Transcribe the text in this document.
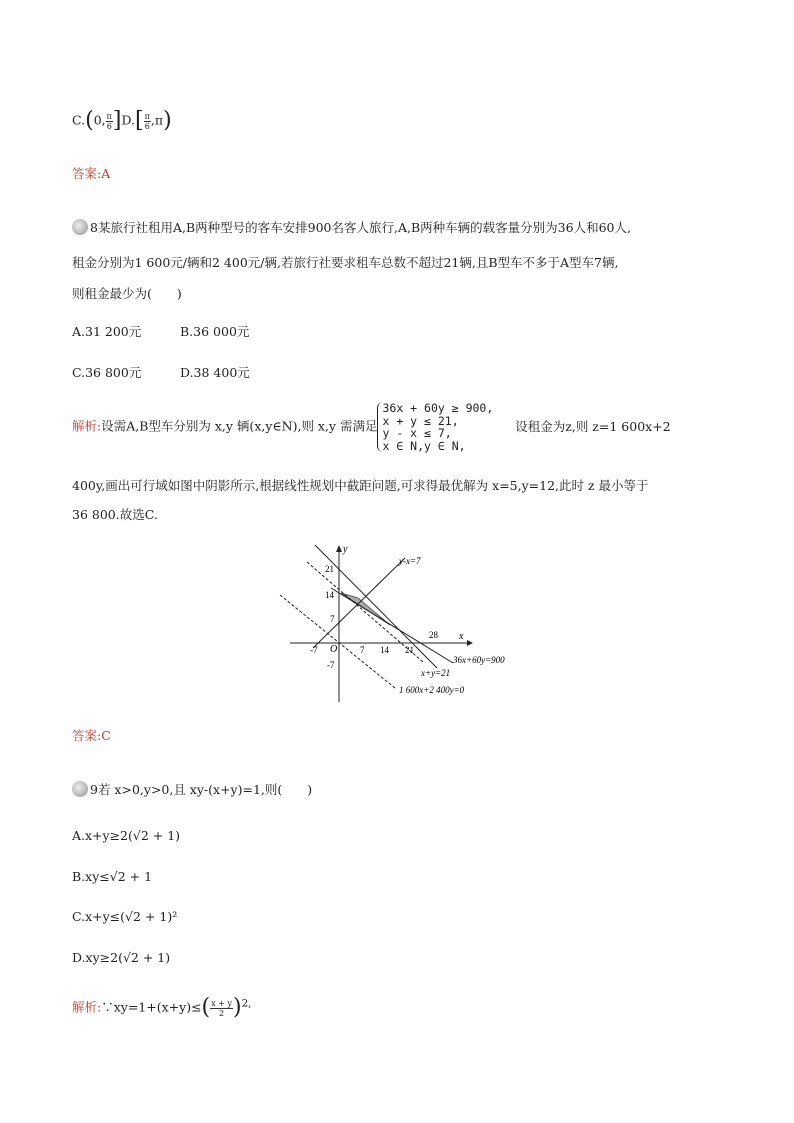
C.(0, $\frac{\pi}{6} ]D.[ \frac{\pi}{6} ,\pi)$
答案:A
8某旅行社租用A,B两种型号的客车安排900名客人旅行,A,B两种车辆的载客量分别为36人和60人,
租金分别为1 600元/辆和2 400元/辆,若旅行社要求租车总数不超过21辆,且B型车不多于A型车7辆,
则租金最少为(　　)
A.31 200元	B.36 000元
C.36 800元	D.38 400元
解析:设需A,B型车分别为 x,y 辆(x,y∈N),则 x,y 需满足
36x + 60y ≥ 900,
x + y ≤ 21,
y - x ≤ 7,
x ∈ N,y ∈ N,
设租金为z,则 z=1 600x+2
400y,画出可行域如图中阴影所示,根据线性规划中截距问题,可求得最优解为 x=5,y=12,此时 z 最小等于
36 800.故选C.
y
x
O
21
14
7
-7
-7	7 14 21
28
y-x=7
36x+60y=900
x+y=21
1 600x+2 400y=0
答案:C
9若 x>0,y>0,且 xy-(x+y)=1,则(　　)
A.x+y≥2(√2 + 1)
B.xy≤√2 + 1
C.x+y≤(√2 + 1)²
D.xy≥2(√2 + 1)
解析:∵xy=1+(x+y)≤( $\frac{x + y}{2} )^{2,}$
